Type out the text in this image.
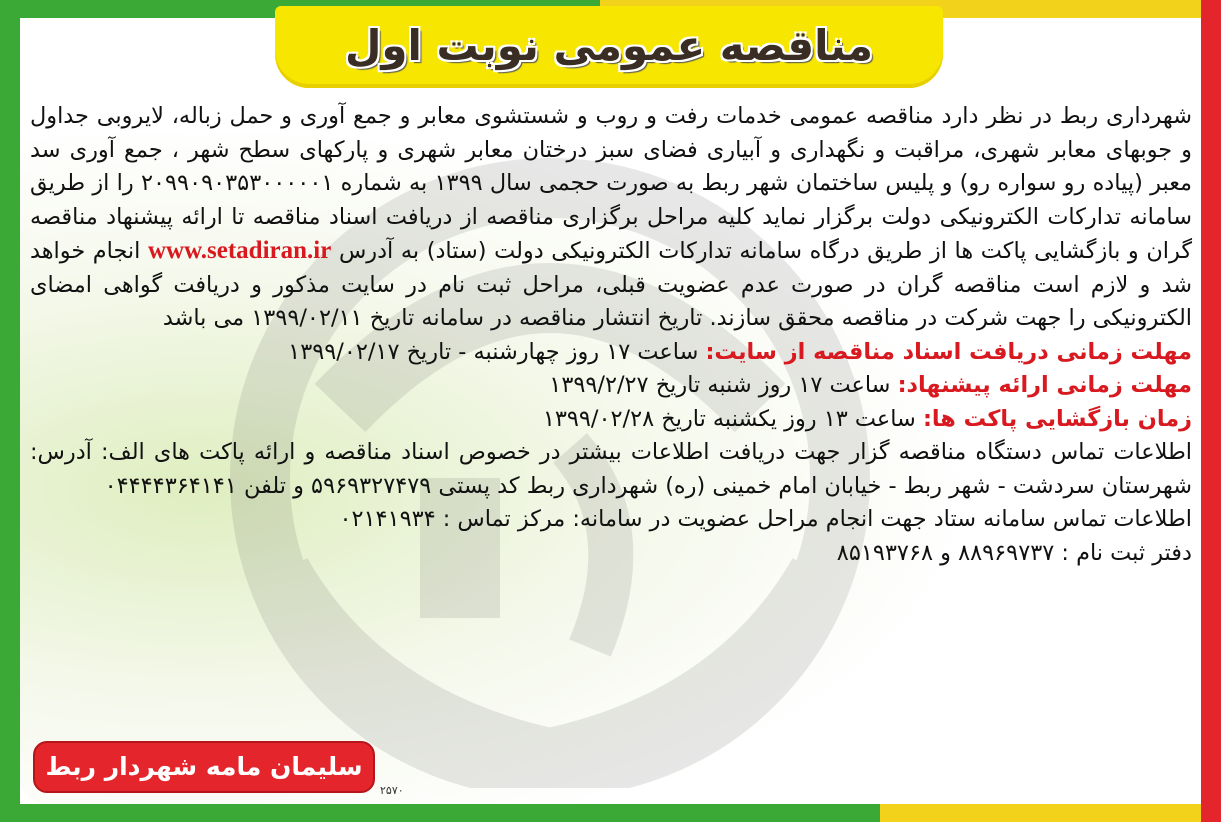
مناقصه عمومی نوبت اول

شهرداری ربط در نظر دارد مناقصه عمومی خدمات رفت و روب و شستشوی معابر و جمع آوری و حمل زباله، لایروبی جداول و جوبهای معابر شهری، مراقبت و نگهداری و آبیاری فضای سبز درختان معابر شهری و پارکهای سطح شهر ، جمع آوری سد معبر (پیاده رو سواره رو) و پلیس ساختمان شهر ربط به صورت حجمی سال ۱۳۹۹ به شماره ۲۰۹۹۰۹۰۳۵۳۰۰۰۰۰۱ را از طریق سامانه تدارکات الکترونیکی دولت برگزار نماید کلیه مراحل برگزاری مناقصه از دریافت اسناد مناقصه تا ارائه پیشنهاد مناقصه گران و بازگشایی پاکت ها از طریق درگاه سامانه تدارکات الکترونیکی دولت (ستاد) به آدرس www.setadiran.ir انجام خواهد شد و لازم است مناقصه گران در صورت عدم عضویت قبلی، مراحل ثبت نام در سایت مذکور و دریافت گواهی امضای الکترونیکی را جهت شرکت در مناقصه محقق سازند. تاریخ انتشار مناقصه در سامانه تاریخ ۱۳۹۹/۰۲/۱۱ می باشد

مهلت زمانی دریافت اسناد مناقصه از سایت: ساعت ۱۷ روز چهارشنبه - تاریخ ۱۳۹۹/۰۲/۱۷

مهلت زمانی ارائه پیشنهاد: ساعت ۱۷ روز شنبه تاریخ ۱۳۹۹/۲/۲۷

زمان بازگشایی پاکت ها: ساعت ۱۳ روز یکشنبه تاریخ ۱۳۹۹/۰۲/۲۸

اطلاعات تماس دستگاه مناقصه گزار جهت دریافت اطلاعات بیشتر در خصوص اسناد مناقصه و ارائه پاکت های الف: آدرس: شهرستان سردشت - شهر ربط - خیابان امام خمینی (ره) شهرداری ربط کد پستی ۵۹۶۹۳۲۷۴۷۹ و تلفن ۰۴۴۴۴۳۶۴۱۴۱

اطلاعات تماس سامانه ستاد جهت انجام مراحل عضویت در سامانه: مرکز تماس : ۰۲۱۴۱۹۳۴

دفتر ثبت نام : ۸۸۹۶۹۷۳۷ و ۸۵۱۹۳۷۶۸

سلیمان مامه شهردار ربط
۲۵۷۰
